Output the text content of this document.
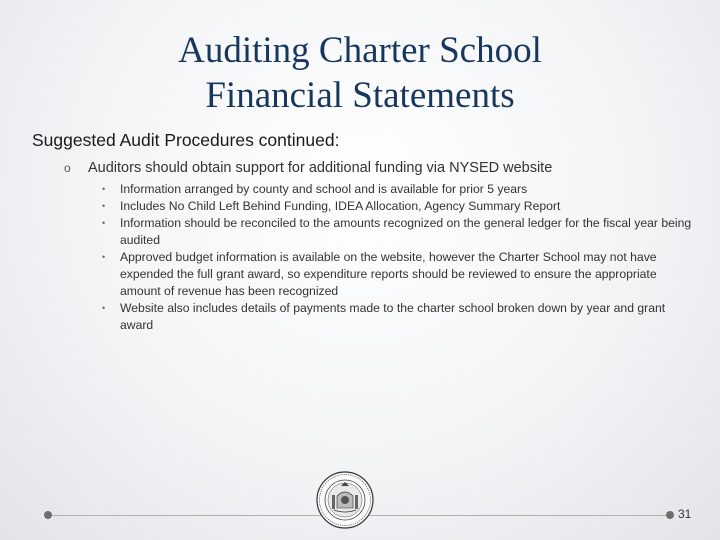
Auditing Charter School
Financial Statements

Suggested Audit Procedures continued:

o	Auditors should obtain support for additional funding via NYSED website
•	Information arranged by county and school and is available for prior 5 years
•	Includes No Child Left Behind Funding, IDEA Allocation, Agency Summary Report
•	Information should be reconciled to the amounts recognized on the general ledger for the fiscal year being audited
•	Approved budget information is available on the website, however the Charter School may not have expended the full grant award, so expenditure reports should be reviewed to ensure the appropriate amount of revenue has been recognized
•	Website also includes details of payments made to the charter school broken down by year and grant award
31
